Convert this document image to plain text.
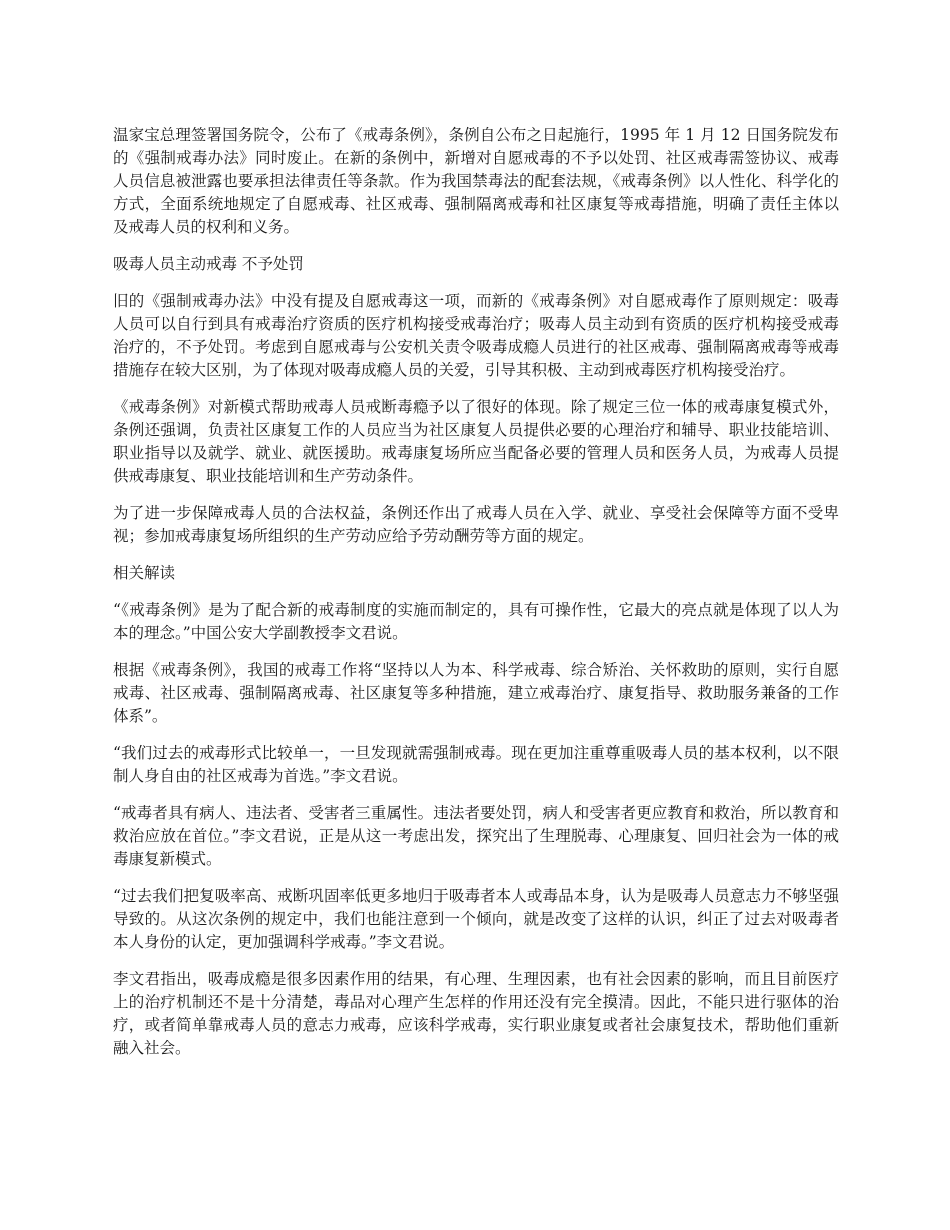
温家宝总理签署国务院令，公布了《戒毒条例》，条例自公布之日起施行，1995 年 1 月 12 日国务院发布的《强制戒毒办法》同时废止。在新的条例中，新增对自愿戒毒的不予以处罚、社区戒毒需签协议、戒毒人员信息被泄露也要承担法律责任等条款。作为我国禁毒法的配套法规，《戒毒条例》以人性化、科学化的方式，全面系统地规定了自愿戒毒、社区戒毒、强制隔离戒毒和社区康复等戒毒措施，明确了责任主体以及戒毒人员的权利和义务。

吸毒人员主动戒毒 不予处罚

旧的《强制戒毒办法》中没有提及自愿戒毒这一项，而新的《戒毒条例》对自愿戒毒作了原则规定：吸毒人员可以自行到具有戒毒治疗资质的医疗机构接受戒毒治疗；吸毒人员主动到有资质的医疗机构接受戒毒治疗的，不予处罚。考虑到自愿戒毒与公安机关责令吸毒成瘾人员进行的社区戒毒、强制隔离戒毒等戒毒措施存在较大区别，为了体现对吸毒成瘾人员的关爱，引导其积极、主动到戒毒医疗机构接受治疗。

《戒毒条例》对新模式帮助戒毒人员戒断毒瘾予以了很好的体现。除了规定三位一体的戒毒康复模式外，条例还强调，负责社区康复工作的人员应当为社区康复人员提供必要的心理治疗和辅导、职业技能培训、职业指导以及就学、就业、就医援助。戒毒康复场所应当配备必要的管理人员和医务人员，为戒毒人员提供戒毒康复、职业技能培训和生产劳动条件。

为了进一步保障戒毒人员的合法权益，条例还作出了戒毒人员在入学、就业、享受社会保障等方面不受卑视；参加戒毒康复场所组织的生产劳动应给予劳动酬劳等方面的规定。

相关解读

“《戒毒条例》是为了配合新的戒毒制度的实施而制定的，具有可操作性，它最大的亮点就是体现了以人为本的理念。”中国公安大学副教授李文君说。

根据《戒毒条例》，我国的戒毒工作将“坚持以人为本、科学戒毒、综合矫治、关怀救助的原则，实行自愿戒毒、社区戒毒、强制隔离戒毒、社区康复等多种措施，建立戒毒治疗、康复指导、救助服务兼备的工作体系”。

“我们过去的戒毒形式比较单一，一旦发现就需强制戒毒。现在更加注重尊重吸毒人员的基本权利，以不限制人身自由的社区戒毒为首选。”李文君说。

“戒毒者具有病人、违法者、受害者三重属性。违法者要处罚，病人和受害者更应教育和救治，所以教育和救治应放在首位。”李文君说，正是从这一考虑出发，探究出了生理脱毒、心理康复、回归社会为一体的戒毒康复新模式。

“过去我们把复吸率高、戒断巩固率低更多地归于吸毒者本人或毒品本身，认为是吸毒人员意志力不够坚强导致的。从这次条例的规定中，我们也能注意到一个倾向，就是改变了这样的认识，纠正了过去对吸毒者本人身份的认定，更加强调科学戒毒。”李文君说。

李文君指出，吸毒成瘾是很多因素作用的结果，有心理、生理因素，也有社会因素的影响，而且目前医疗上的治疗机制还不是十分清楚，毒品对心理产生怎样的作用还没有完全摸清。因此，不能只进行驱体的治疗，或者简单靠戒毒人员的意志力戒毒，应该科学戒毒，实行职业康复或者社会康复技术，帮助他们重新融入社会。
